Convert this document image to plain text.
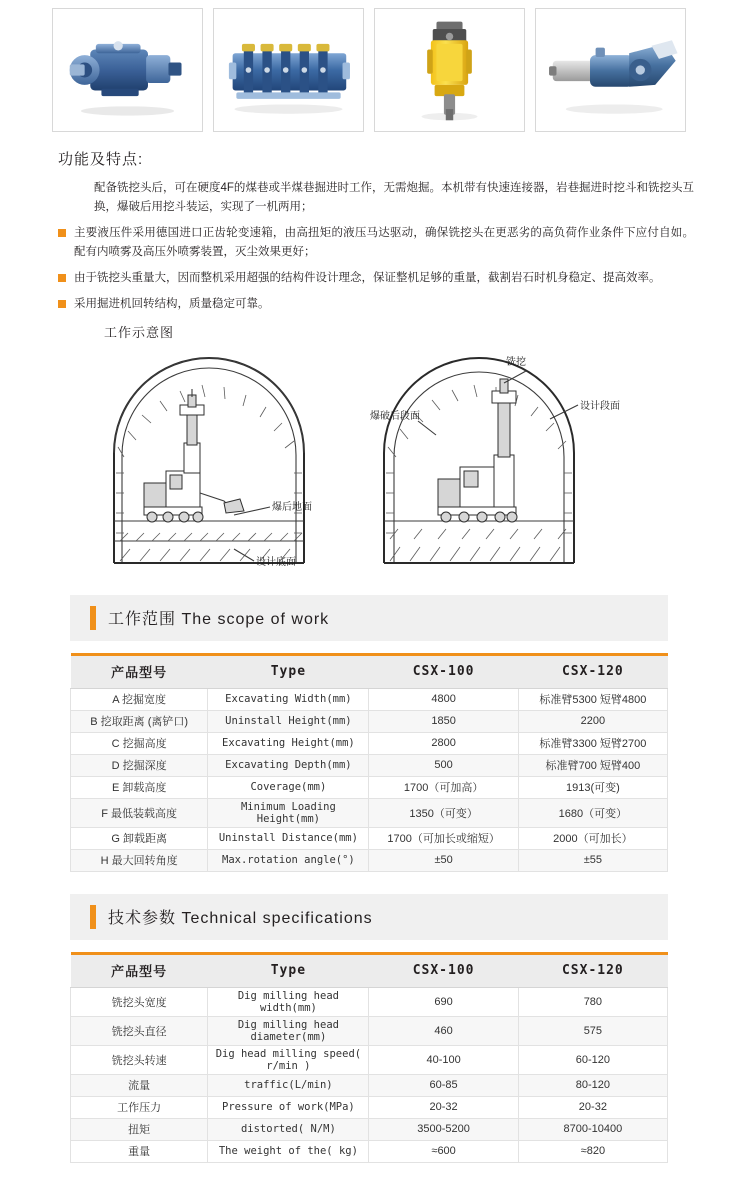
功能及特点:
配备铣挖头后，可在硬度4F的煤巷或半煤巷掘进时工作，无需炮掘。本机带有快速连接器，岩巷掘进时挖斗和铣挖头互换，爆破后用挖斗装运，实现了一机两用；
主要液压件采用德国进口正齿轮变速箱，由高扭矩的液压马达驱动，确保铣挖头在更恶劣的高负荷作业条件下应付自如。配有内喷雾及高压外喷雾装置，灭尘效果更好；
由于铣挖头重量大，因而整机采用超强的结构件设计理念，保证整机足够的重量，截割岩石时机身稳定、提高效率。
采用掘进机回转结构，质量稳定可靠。
工作示意图
爆后地面
设计底面
铣挖
爆破后段面
设计段面
工作范围 The scope of work
产品型号	Type	CSX-100	CSX-120
A 挖掘宽度	Excavating Width(mm)	4800	标准臂5300 短臂4800
B 挖取距离 (离铲口)	Uninstall Height(mm)	1850	2200
C 挖掘高度	Excavating Height(mm)	2800	标准臂3300 短臂2700
D 挖掘深度	Excavating Depth(mm)	500	标准臂700 短臂400
E 卸载高度	Coverage(mm)	1700（可加高）	1913(可变)
F 最低装载高度	Minimum Loading Height(mm)	1350（可变）	1680（可变）
G 卸载距离	Uninstall Distance(mm)	1700（可加长或缩短）	2000（可加长）
H 最大回转角度	Max.rotation angle(°)	±50	±55
技术参数 Technical specifications
产品型号	Type	CSX-100	CSX-120
铣挖头宽度	Dig milling head width(mm)	690	780
铣挖头直径	Dig milling head diameter(mm)	460	575
铣挖头转速	Dig head milling speed( r/min )	40-100	60-120
流量	traffic(L/min)	60-85	80-120
工作压力	Pressure of work(MPa)	20-32	20-32
扭矩	distorted( N/M)	3500-5200	8700-10400
重量	The weight of the( kg)	≈600	≈820
